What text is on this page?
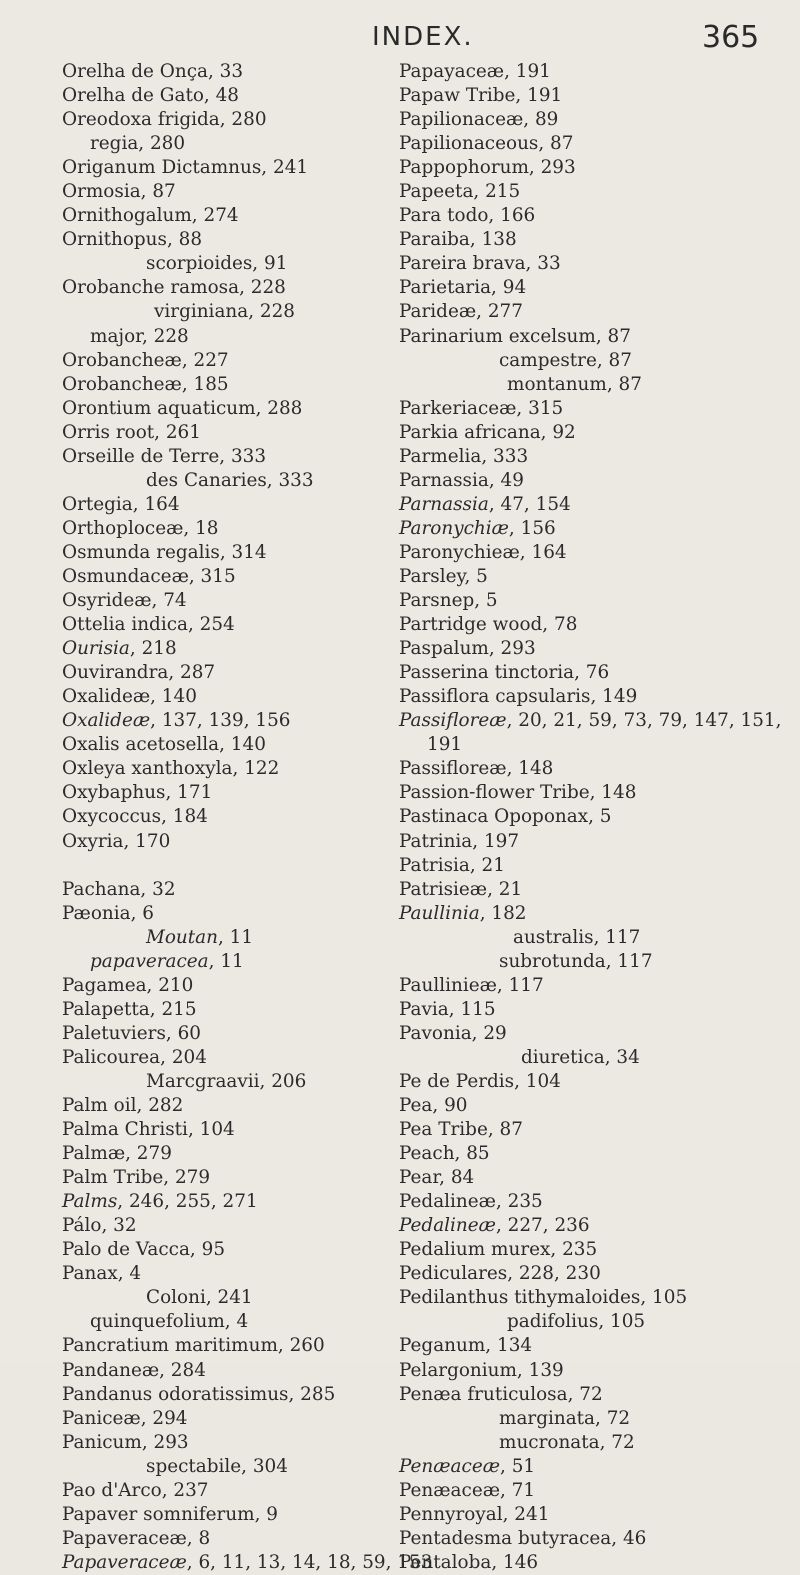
INDEX.	365
Orelha de Onça, 33
Orelha de Gato, 48
Oreodoxa frigida, 280
regia, 280
Origanum Dictamnus, 241
Ormosia, 87
Ornithogalum, 274
Ornithopus, 88
scorpioides, 91
Orobanche ramosa, 228
virginiana, 228
major, 228
Orobancheæ, 227
Orobancheæ, 185
Orontium aquaticum, 288
Orris root, 261
Orseille de Terre, 333
des Canaries, 333
Ortegia, 164
Orthoploceæ, 18
Osmunda regalis, 314
Osmundaceæ, 315
Osyrideæ, 74
Ottelia indica, 254
Ourisia, 218
Ouvirandra, 287
Oxalideæ, 140
Oxalideæ, 137, 139, 156
Oxalis acetosella, 140
Oxleya xanthoxyla, 122
Oxybaphus, 171
Oxycoccus, 184
Oxyria, 170
Pachana, 32
Pæonia, 6
Moutan, 11
papaveracea, 11
Pagamea, 210
Palapetta, 215
Paletuviers, 60
Palicourea, 204
Marcgraavii, 206
Palm oil, 282
Palma Christi, 104
Palmæ, 279
Palm Tribe, 279
Palms, 246, 255, 271
Pálo, 32
Palo de Vacca, 95
Panax, 4
Coloni, 241
quinquefolium, 4
Pancratium maritimum, 260
Pandaneæ, 284
Pandanus odoratissimus, 285
Paniceæ, 294
Panicum, 293
spectabile, 304
Pao d'Arco, 237
Papaver somniferum, 9
Papaveraceæ, 8
Papaveraceæ, 6, 11, 13, 14, 18, 59, 153
Papayaceæ, 191
Papaw Tribe, 191
Papilionaceæ, 89
Papilionaceous, 87
Pappophorum, 293
Papeeta, 215
Para todo, 166
Paraiba, 138
Pareira brava, 33
Parietaria, 94
Parideæ, 277
Parinarium excelsum, 87
campestre, 87
montanum, 87
Parkeriaceæ, 315
Parkia africana, 92
Parmelia, 333
Parnassia, 49
Parnassia, 47, 154
Paronychiæ, 156
Paronychieæ, 164
Parsley, 5
Parsnep, 5
Partridge wood, 78
Paspalum, 293
Passerina tinctoria, 76
Passiflora capsularis, 149
Passifloreæ, 20, 21, 59, 73, 79, 147, 151,
191
Passifloreæ, 148
Passion-flower Tribe, 148
Pastinaca Opoponax, 5
Patrinia, 197
Patrisia, 21
Patrisieæ, 21
Paullinia, 182
australis, 117
subrotunda, 117
Paulliniеæ, 117
Pavia, 115
Pavonia, 29
diuretica, 34
Pe de Perdis, 104
Pea, 90
Pea Tribe, 87
Peach, 85
Pear, 84
Pedalineæ, 235
Pedalineæ, 227, 236
Pedalium murex, 235
Pediculares, 228, 230
Pedilanthus tithymaloides, 105
padifolius, 105
Peganum, 134
Pelargonium, 139
Penæa fruticulosa, 72
marginata, 72
mucronata, 72
Penæaceæ, 51
Penæaceæ, 71
Pennyroyal, 241
Pentadesma butyracea, 46
Pentaloba, 146
